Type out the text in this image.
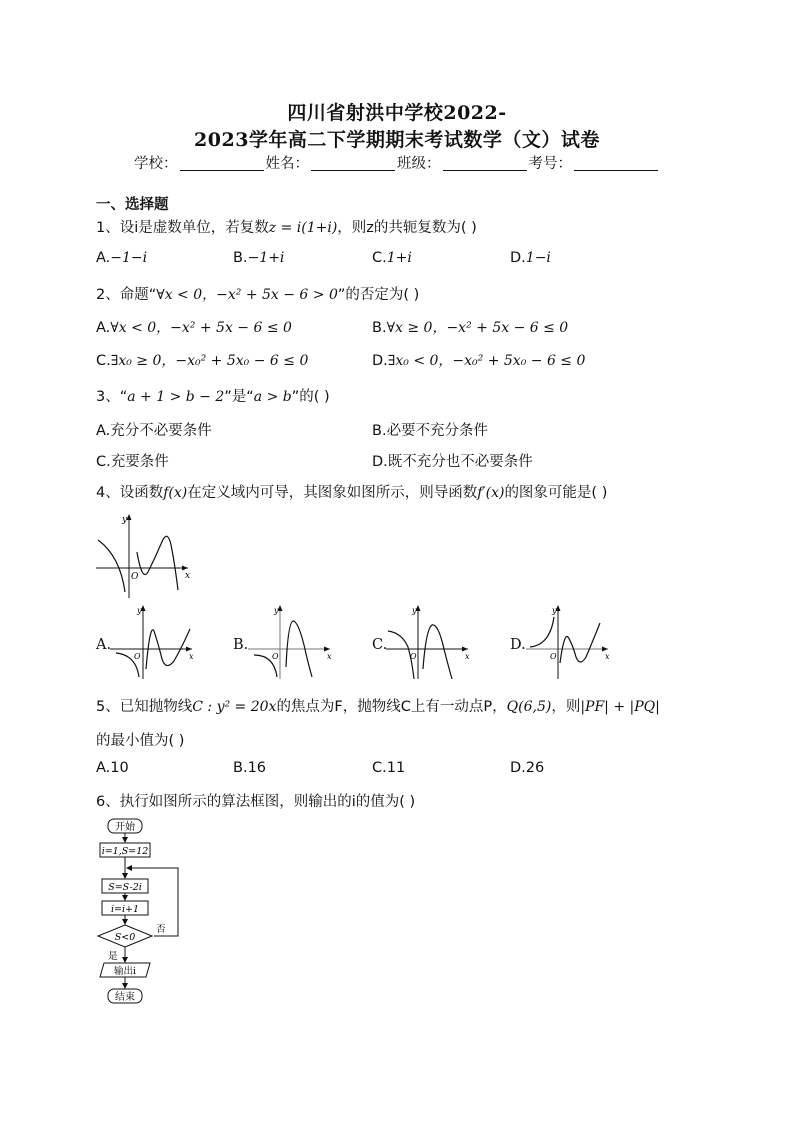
四川省射洪中学校2022-
2023学年高二下学期期末考试数学（文）试卷
学校：	姓名：	班级：	考号：
一、选择题
1、设i是虚数单位，若复数z = i(1+i)，则z的共轭复数为( )
A.−1−i	B.−1+i	C.1+i	D.1−i
2、命题“∀x < 0，−x² + 5x − 6 > 0”的否定为( )
A.∀x < 0，−x² + 5x − 6 ≤ 0	B.∀x ≥ 0，−x² + 5x − 6 ≤ 0
C.∃x₀ ≥ 0，−x₀² + 5x₀ − 6 ≤ 0	D.∃x₀ < 0，−x₀² + 5x₀ − 6 ≤ 0
3、“a + 1 > b − 2”是“a > b”的( )
A.充分不必要条件	B.必要不充分条件
C.充要条件	D.既不充分也不必要条件
4、设函数f(x)在定义域内可导，其图象如图所示，则导函数f′(x)的图象可能是( )
y
x
O
A.
y
x
O
B.
y
x
O
C.
y
x
O
D.
y
x
O
5、已知抛物线C : y² = 20x的焦点为F，抛物线C上有一动点P，Q(6,5)，则|PF| + |PQ|
的最小值为( )
A.10	B.16	C.11	D.26
6、执行如图所示的算法框图，则输出的i的值为( )
开始
i=1,S=12
S=S-2i
i=i+1
S<0
否
是
输出i
结束
